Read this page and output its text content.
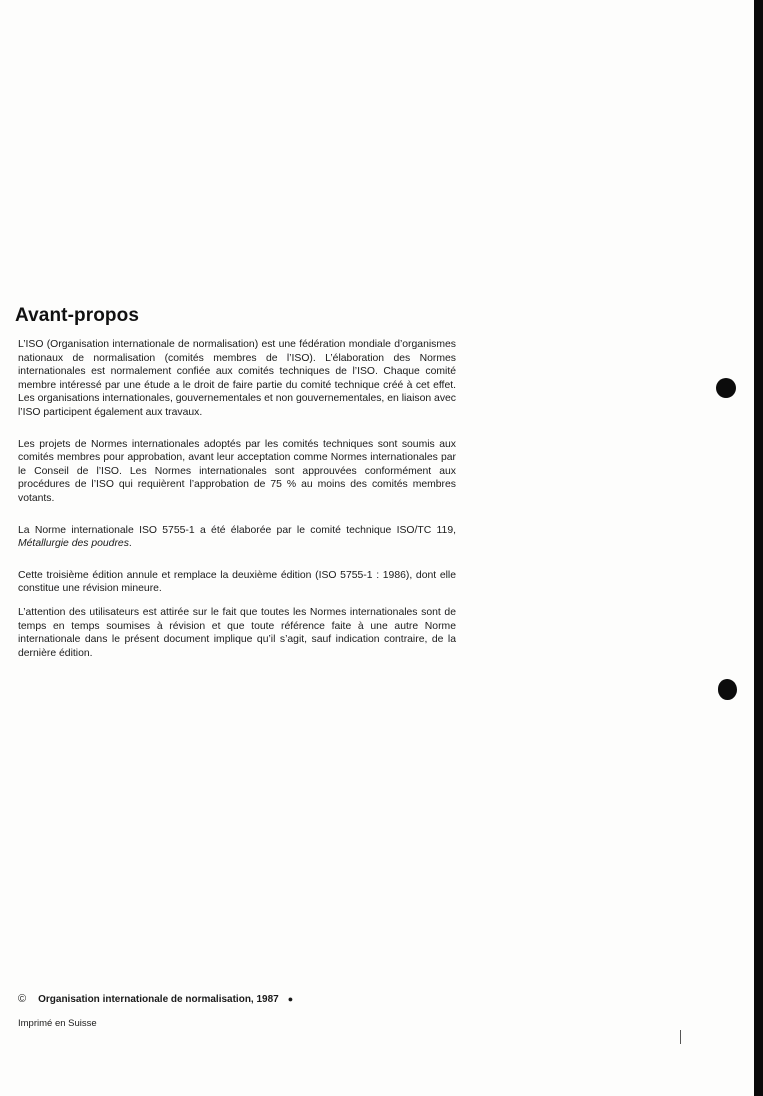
Avant-propos

L’ISO (Organisation internationale de normalisation) est une fédération mondiale d’organismes nationaux de normalisation (comités membres de l’ISO). L’élaboration des Normes internationales est normalement confiée aux comités techniques de l’ISO. Chaque comité membre intéressé par une étude a le droit de faire partie du comité technique créé à cet effet. Les organisations internationales, gouvernementales et non gouvernementales, en liaison avec l’ISO participent également aux travaux.

Les projets de Normes internationales adoptés par les comités techniques sont soumis aux comités membres pour approbation, avant leur acceptation comme Normes internationales par le Conseil de l’ISO. Les Normes internationales sont approuvées conformément aux procédures de l’ISO qui requièrent l’approbation de 75 % au moins des comités membres votants.

La Norme internationale ISO 5755-1 a été élaborée par le comité technique ISO/TC 119, Métallurgie des poudres.

Cette troisième édition annule et remplace la deuxième édition (ISO 5755-1 : 1986), dont elle constitue une révision mineure.

L’attention des utilisateurs est attirée sur le fait que toutes les Normes internationales sont de temps en temps soumises à révision et que toute référence faite à une autre Norme internationale dans le présent document implique qu’il s’agit, sauf indication contraire, de la dernière édition.

© Organisation internationale de normalisation, 1987 ●
Imprimé en Suisse
